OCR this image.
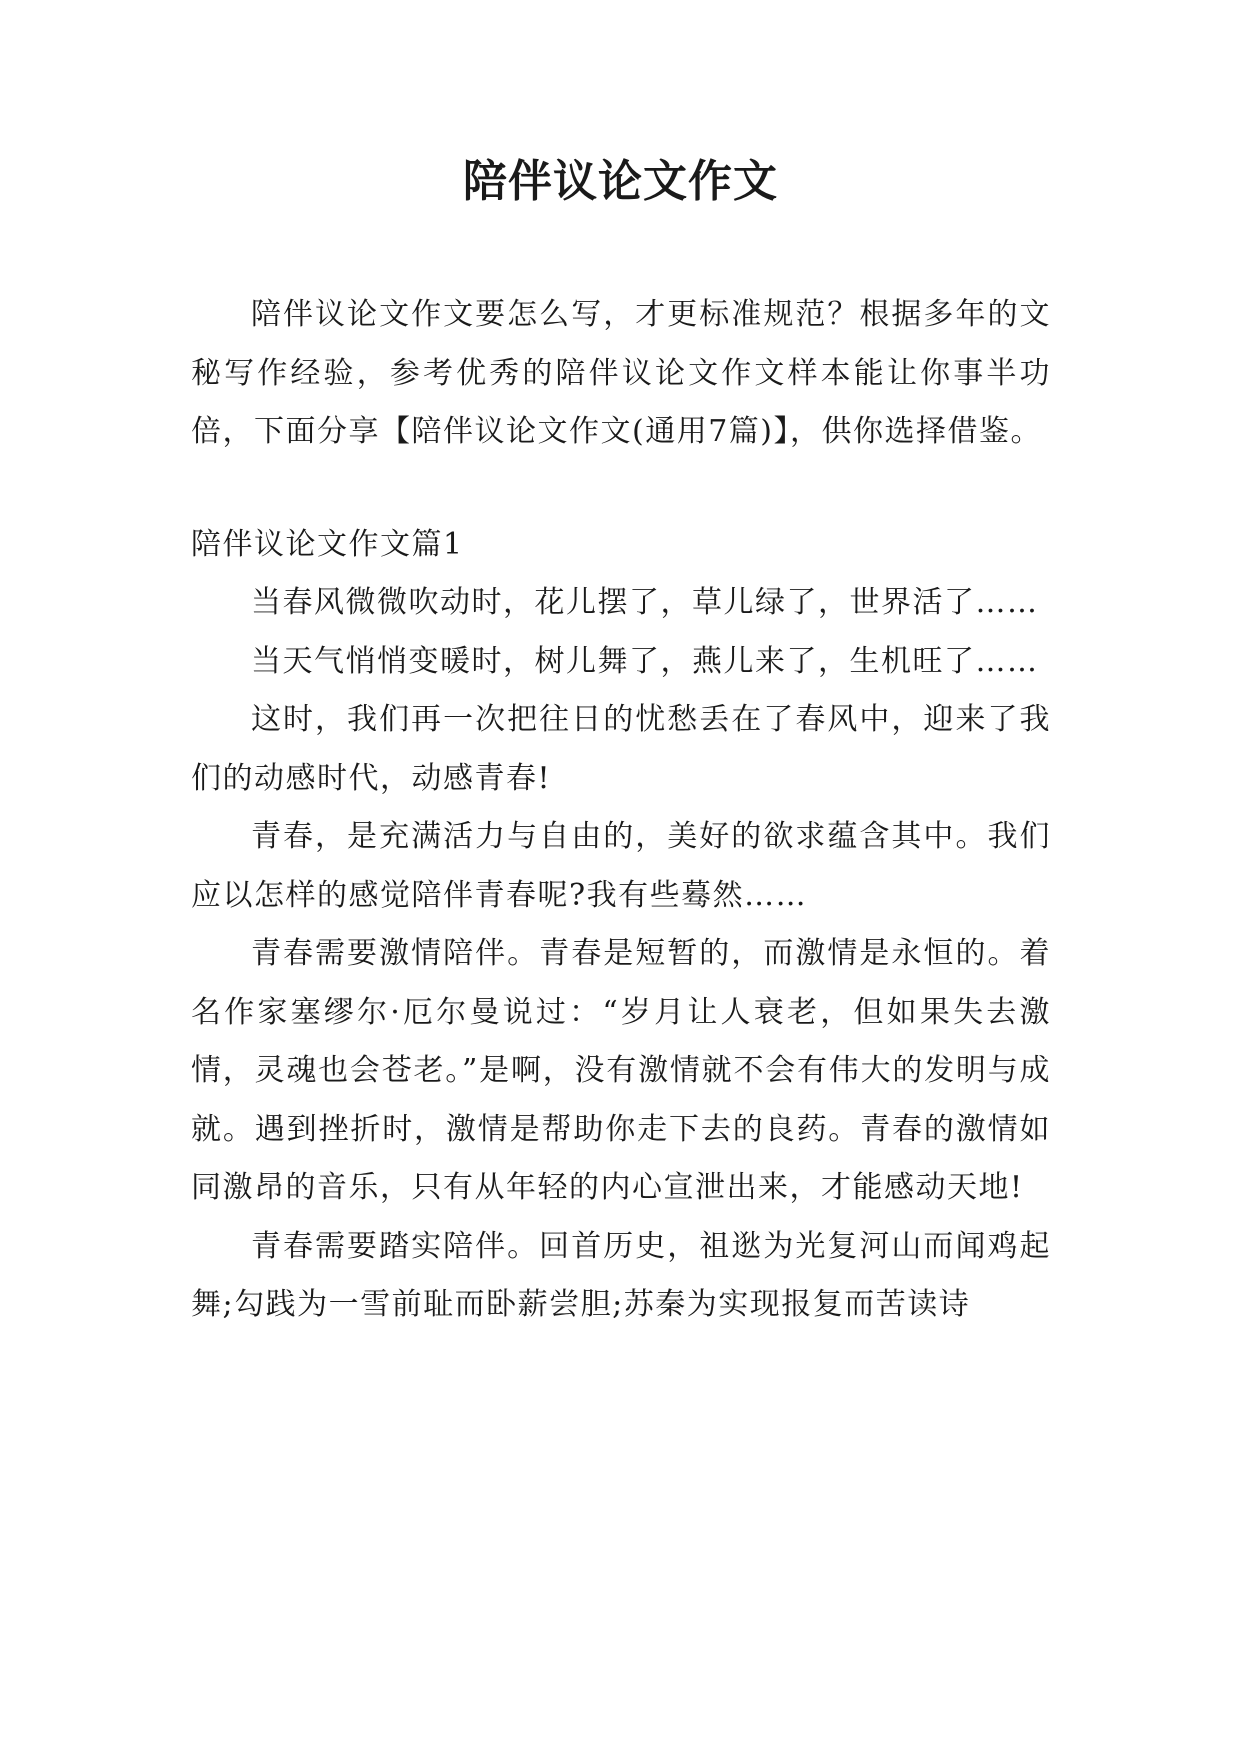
陪伴议论文作文

陪伴议论文作文要怎么写，才更标准规范？根据多年的文秘写作经验，参考优秀的陪伴议论文作文样本能让你事半功倍，下面分享【陪伴议论文作文(通用7篇)】，供你选择借鉴。

陪伴议论文作文篇1

当春风微微吹动时，花儿摆了，草儿绿了，世界活了……

当天气悄悄变暖时，树儿舞了，燕儿来了，生机旺了……

这时，我们再一次把往日的忧愁丢在了春风中，迎来了我们的动感时代，动感青春!

青春，是充满活力与自由的，美好的欲求蕴含其中。我们应以怎样的感觉陪伴青春呢?我有些蓦然……

青春需要激情陪伴。青春是短暂的，而激情是永恒的。着名作家塞缪尔·厄尔曼说过：“岁月让人衰老，但如果失去激情，灵魂也会苍老。”是啊，没有激情就不会有伟大的发明与成就。遇到挫折时，激情是帮助你走下去的良药。青春的激情如同激昂的音乐，只有从年轻的内心宣泄出来，才能感动天地!

青春需要踏实陪伴。回首历史，祖逖为光复河山而闻鸡起舞;勾践为一雪前耻而卧薪尝胆;苏秦为实现报复而苦读诗
